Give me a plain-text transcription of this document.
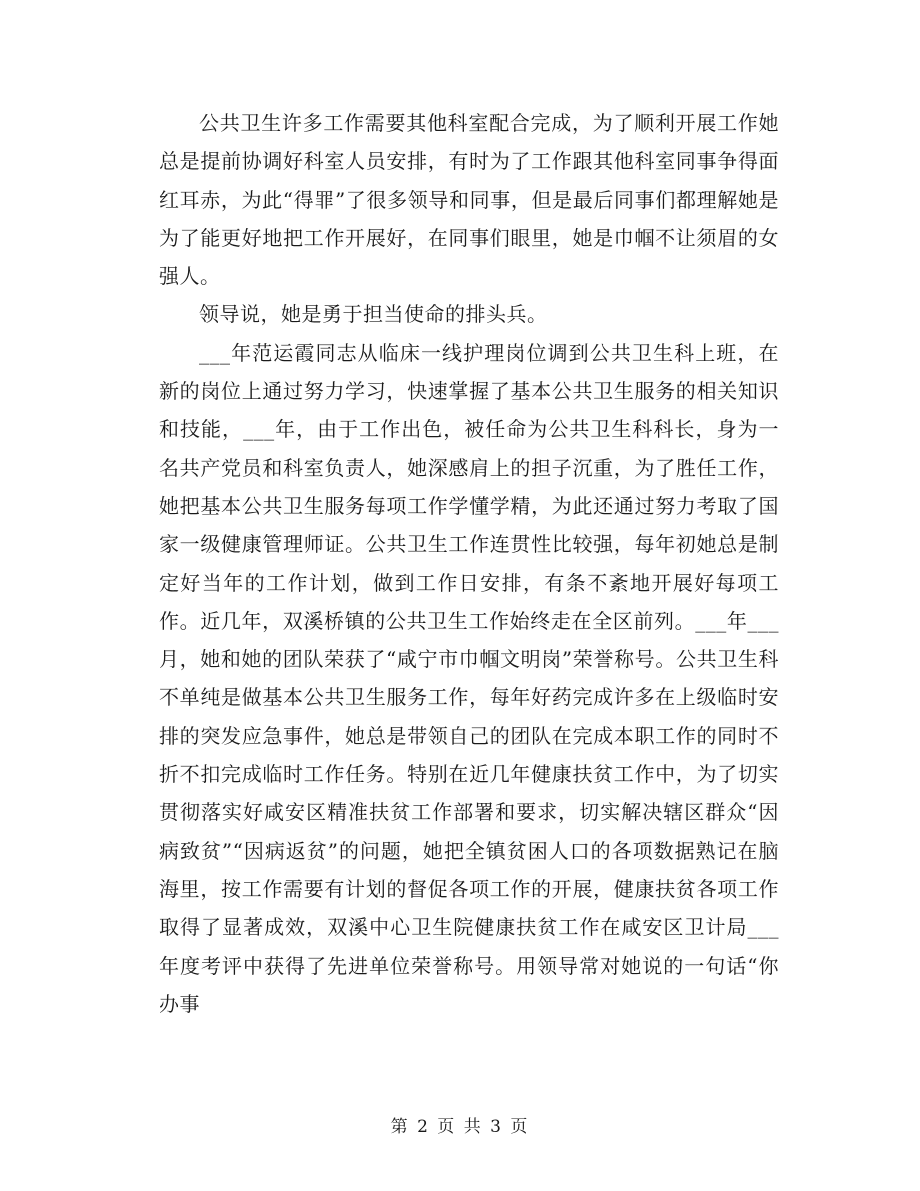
公共卫生许多工作需要其他科室配合完成，为了顺利开展工作她总是提前协调好科室人员安排，有时为了工作跟其他科室同事争得面红耳赤，为此“得罪”了很多领导和同事，但是最后同事们都理解她是为了能更好地把工作开展好，在同事们眼里，她是巾帼不让须眉的女强人。

领导说，她是勇于担当使命的排头兵。

___年范运霞同志从临床一线护理岗位调到公共卫生科上班，在新的岗位上通过努力学习，快速掌握了基本公共卫生服务的相关知识和技能，___年，由于工作出色，被任命为公共卫生科科长，身为一名共产党员和科室负责人，她深感肩上的担子沉重，为了胜任工作，她把基本公共卫生服务每项工作学懂学精，为此还通过努力考取了国家一级健康管理师证。公共卫生工作连贯性比较强，每年初她总是制定好当年的工作计划，做到工作日安排，有条不紊地开展好每项工作。近几年，双溪桥镇的公共卫生工作始终走在全区前列。___年___月，她和她的团队荣获了“咸宁市巾帼文明岗”荣誉称号。公共卫生科不单纯是做基本公共卫生服务工作，每年好药完成许多在上级临时安排的突发应急事件，她总是带领自己的团队在完成本职工作的同时不折不扣完成临时工作任务。特别在近几年健康扶贫工作中，为了切实贯彻落实好咸安区精准扶贫工作部署和要求，切实解决辖区群众“因病致贫”“因病返贫”的问题，她把全镇贫困人口的各项数据熟记在脑海里，按工作需要有计划的督促各项工作的开展，健康扶贫各项工作取得了显著成效，双溪中心卫生院健康扶贫工作在咸安区卫计局___年度考评中获得了先进单位荣誉称号。用领导常对她说的一句话“你办事

第 2 页 共 3 页
